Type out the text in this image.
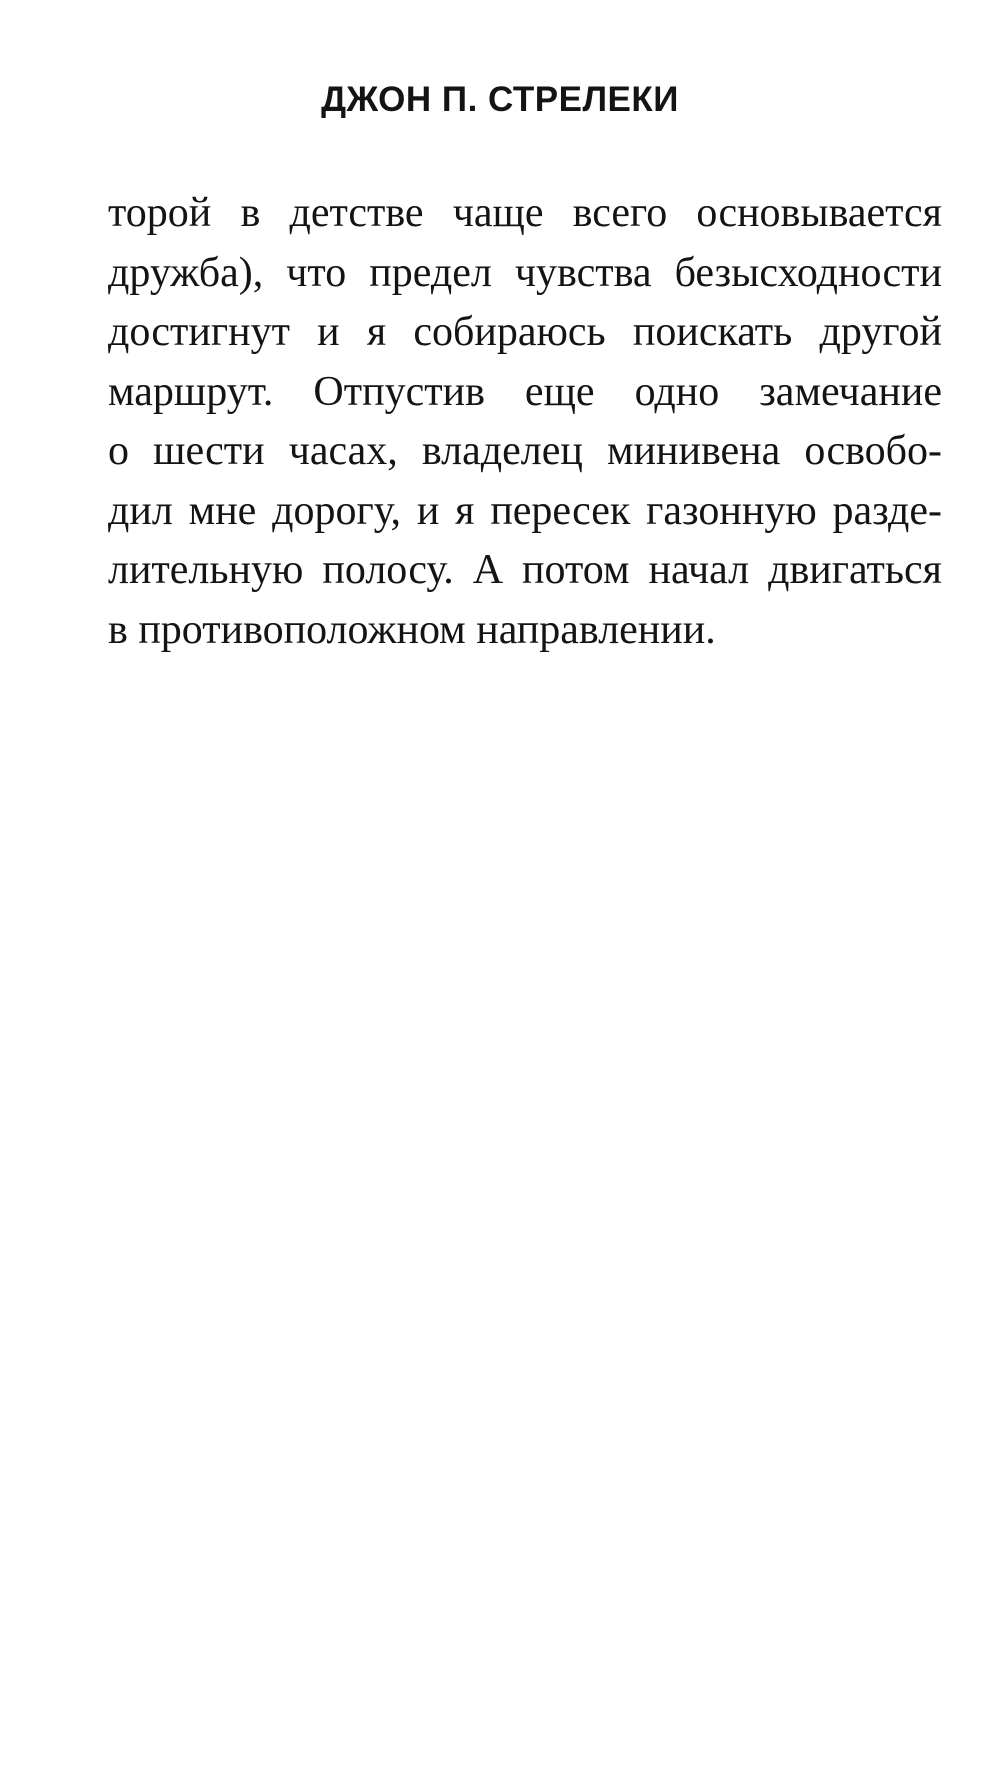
ДЖОН П. СТРЕЛЕКИ
торой в детстве чаще всего основывается
дружба), что предел чувства безысходности
достигнут и я собираюсь поискать другой
маршрут. Отпустив еще одно замечание
о шести часах, владелец минивена освобо-
дил мне дорогу, и я пересек газонную разде-
лительную полосу. А потом начал двигаться
в противоположном направлении.
